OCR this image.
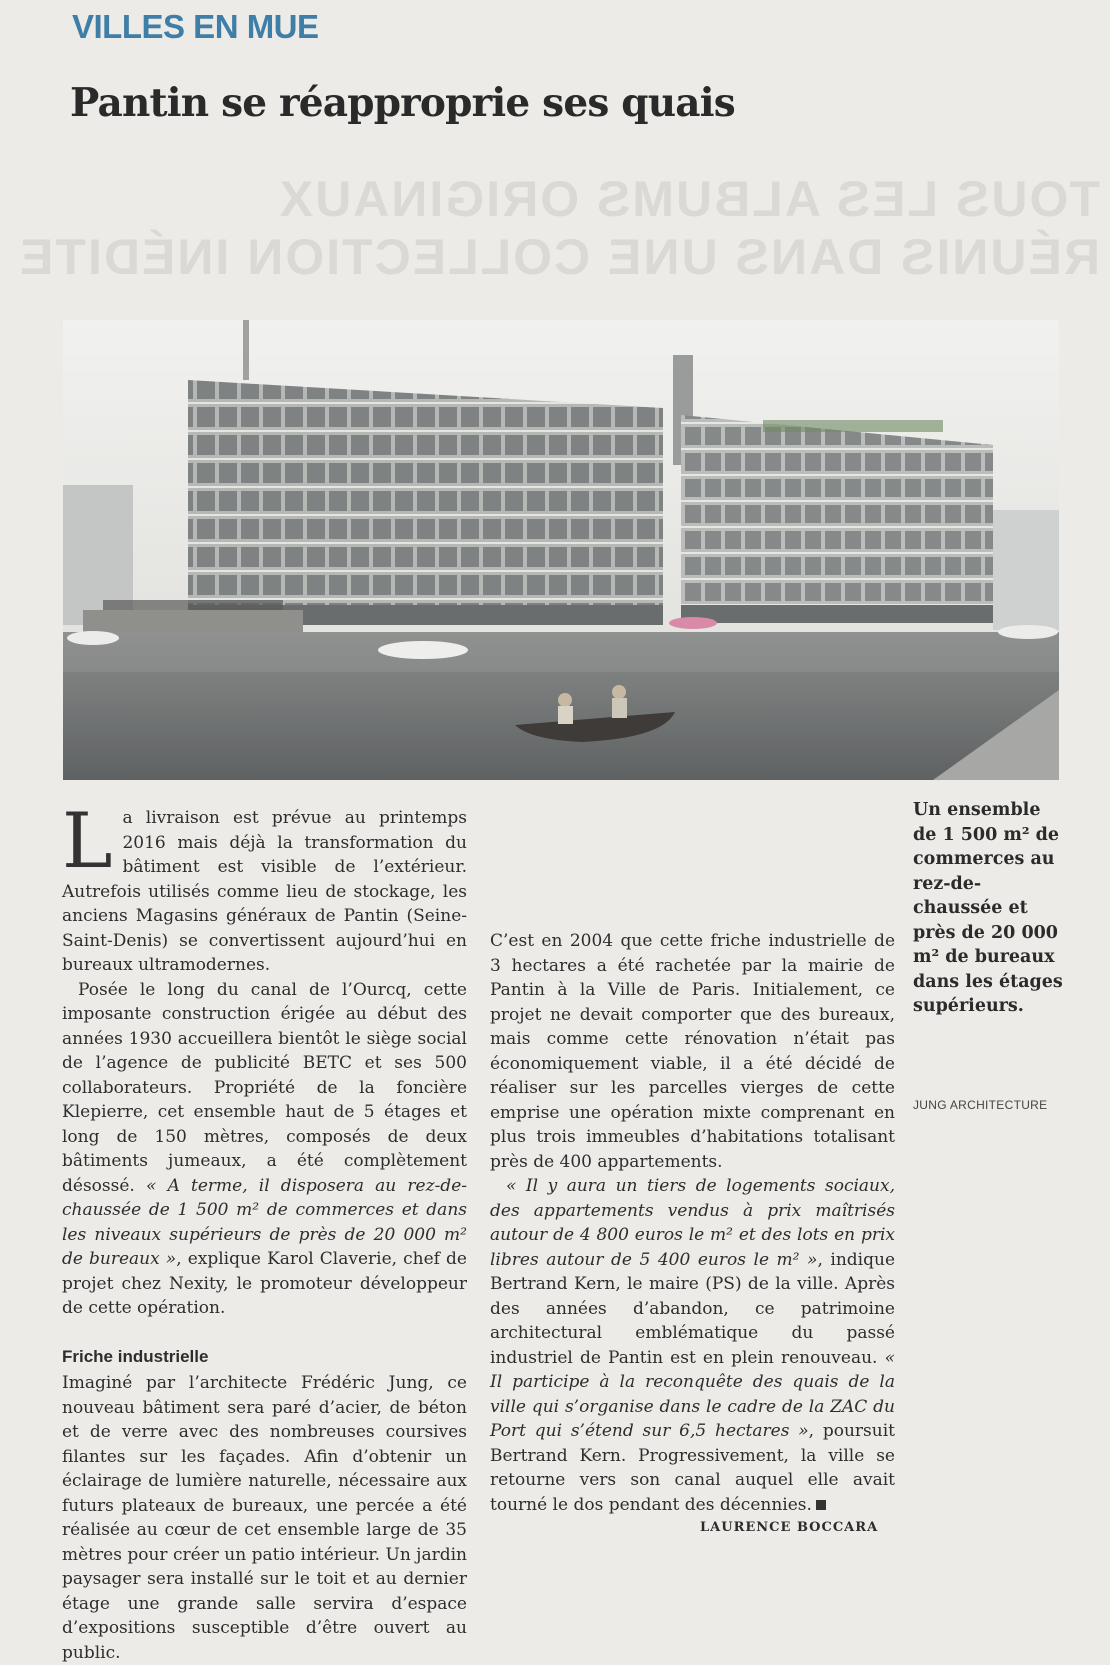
TOUS LES ALBUMS ORIGINAUX
RÉUNIS DANS UNE COLLECTION INÉDITE
VILLES EN MUE
Pantin se réapproprie ses quais

La livraison est prévue au printemps 2016 mais déjà la transformation du bâtiment est visible de l’extérieur. Autrefois utilisés comme lieu de stockage, les anciens Magasins généraux de Pantin (Seine-Saint-Denis) se convertissent aujourd’hui en bureaux ultramodernes.

Posée le long du canal de l’Ourcq, cette imposante construction érigée au début des années 1930 accueillera bientôt le siège social de l’agence de publicité BETC et ses 500 collaborateurs. Propriété de la foncière Klepierre, cet ensemble haut de 5 étages et long de 150 mètres, composés de deux bâtiments jumeaux, a été complètement désossé. « A terme, il disposera au rez-de-chaussée de 1 500 m² de commerces et dans les niveaux supérieurs de près de 20 000 m² de bureaux », explique Karol Claverie, chef de projet chez Nexity, le promoteur développeur de cette opération.

Friche industrielle

Imaginé par l’architecte Frédéric Jung, ce nouveau bâtiment sera paré d’acier, de béton et de verre avec des nombreuses coursives filantes sur les façades. Afin d’obtenir un éclairage de lumière naturelle, nécessaire aux futurs plateaux de bureaux, une percée a été réalisée au cœur de cet ensemble large de 35 mètres pour créer un patio intérieur. Un jardin paysager sera installé sur le toit et au dernier étage une grande salle servira d’espace d’expositions susceptible d’être ouvert au public.

C’est en 2004 que cette friche industrielle de 3 hectares a été rachetée par la mairie de Pantin à la Ville de Paris. Initialement, ce projet ne devait comporter que des bureaux, mais comme cette rénovation n’était pas économiquement viable, il a été décidé de réaliser sur les parcelles vierges de cette emprise une opération mixte comprenant en plus trois immeubles d’habitations totalisant près de 400 appartements.

« Il y aura un tiers de logements sociaux, des appartements vendus à prix maîtrisés autour de 4 800 euros le m² et des lots en prix libres autour de 5 400 euros le m² », indique Bertrand Kern, le maire (PS) de la ville. Après des années d’abandon, ce patrimoine architectural emblématique du passé industriel de Pantin est en plein renouveau. « Il participe à la reconquête des quais de la ville qui s’organise dans le cadre de la ZAC du Port qui s’étend sur 6,5 hectares », poursuit Bertrand Kern. Progressivement, la ville se retourne vers son canal auquel elle avait tourné le dos pendant des décennies.

Un ensemble de 1 500 m² de commerces au rez-de-chaussée et près de 20 000 m² de bureaux dans les étages supérieurs.
JUNG ARCHITECTURE
LAURENCE BOCCARA
